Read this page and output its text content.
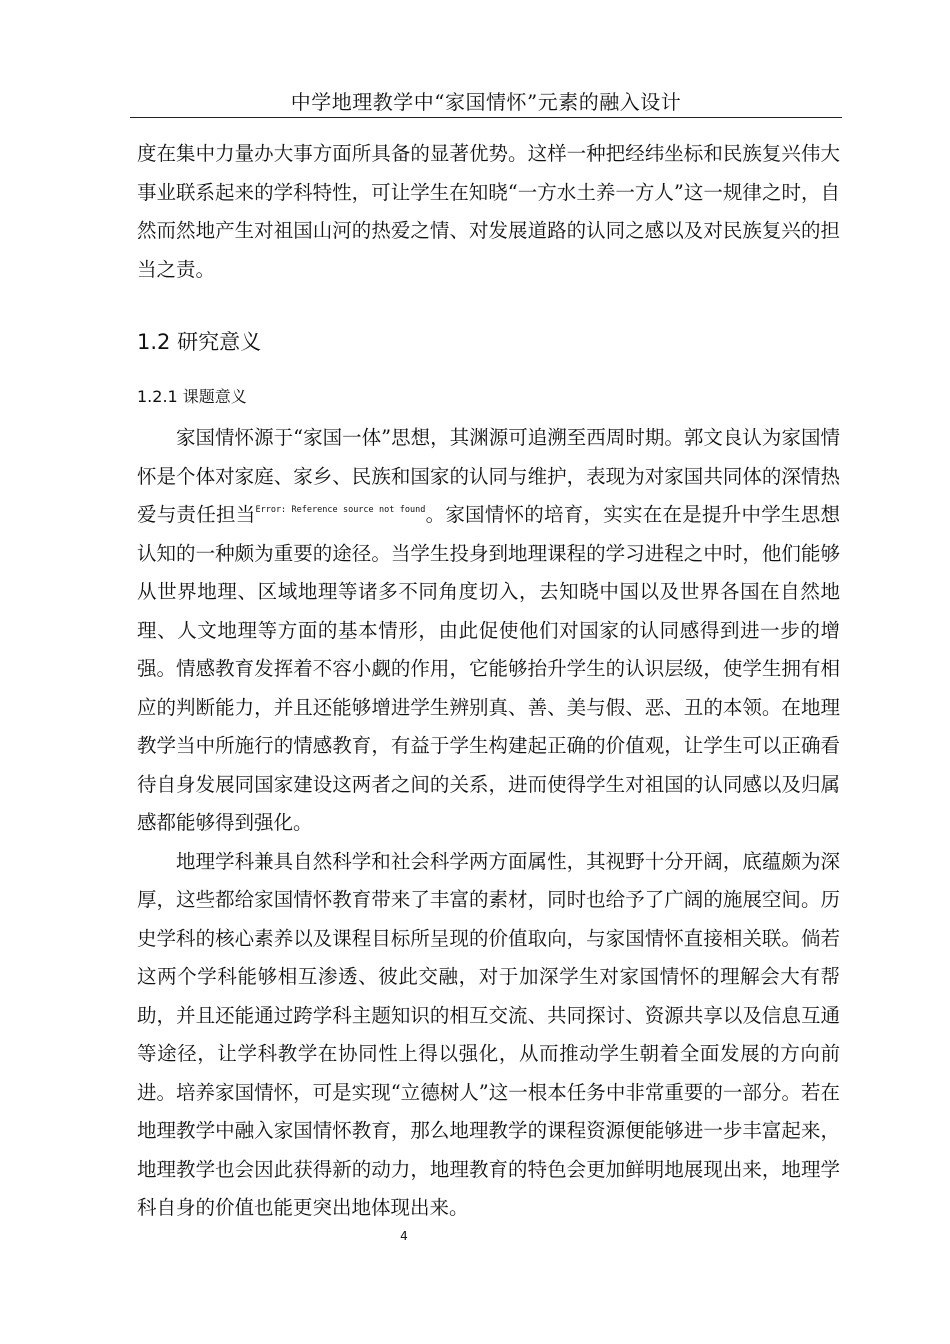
中学地理教学中“家国情怀”元素的融入设计

度在集中力量办大事方面所具备的显著优势。这样一种把经纬坐标和民族复兴伟大事业联系起来的学科特性，可让学生在知晓“一方水土养一方人”这一规律之时，自然而然地产生对祖国山河的热爱之情、对发展道路的认同之感以及对民族复兴的担当之责。

1.2 研究意义
1.2.1 课题意义

家国情怀源于“家国一体”思想，其渊源可追溯至西周时期。郭文良认为家国情怀是个体对家庭、家乡、民族和国家的认同与维护，表现为对家国共同体的深情热爱与责任担当$^{Error: Reference source not found}$。家国情怀的培育，实实在在是提升中学生思想认知的一种颇为重要的途径。当学生投身到地理课程的学习进程之中时，他们能够从世界地理、区域地理等诸多不同角度切入，去知晓中国以及世界各国在自然地理、人文地理等方面的基本情形，由此促使他们对国家的认同感得到进一步的增强。情感教育发挥着不容小觑的作用，它能够抬升学生的认识层级，使学生拥有相应的判断能力，并且还能够增进学生辨别真、善、美与假、恶、丑的本领。在地理教学当中所施行的情感教育，有益于学生构建起正确的价值观，让学生可以正确看待自身发展同国家建设这两者之间的关系，进而使得学生对祖国的认同感以及归属感都能够得到强化。

地理学科兼具自然科学和社会科学两方面属性，其视野十分开阔，底蕴颇为深厚，这些都给家国情怀教育带来了丰富的素材，同时也给予了广阔的施展空间。历史学科的核心素养以及课程目标所呈现的价值取向，与家国情怀直接相关联。倘若这两个学科能够相互渗透、彼此交融，对于加深学生对家国情怀的理解会大有帮助，并且还能通过跨学科主题知识的相互交流、共同探讨、资源共享以及信息互通等途径，让学科教学在协同性上得以强化，从而推动学生朝着全面发展的方向前进。培养家国情怀，可是实现“立德树人”这一根本任务中非常重要的一部分。若在地理教学中融入家国情怀教育，那么地理教学的课程资源便能够进一步丰富起来，地理教学也会因此获得新的动力，地理教育的特色会更加鲜明地展现出来，地理学科自身的价值也能更突出地体现出来。

4
